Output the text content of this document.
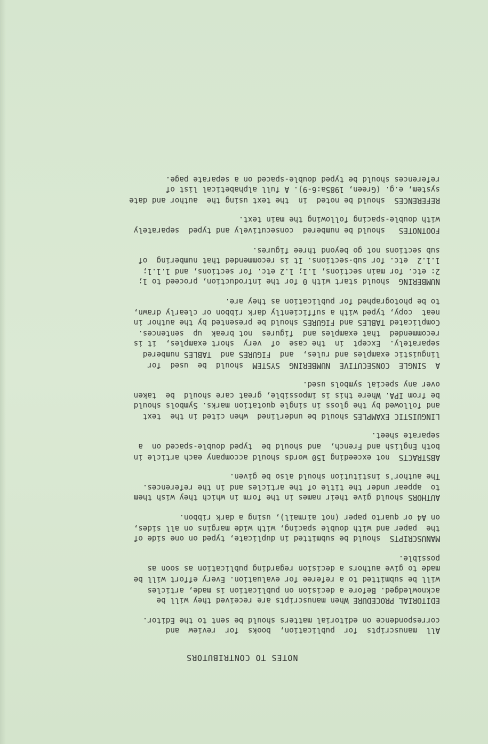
NOTES TO CONTRIBUTORS
All  manuscripts  for  publication,  books  for  review  and
correspondence on editorial matters should be sent to the Editor.
EDITORIAL PROCEDURE When manuscripts are received they will be
acknowledged. Before a decision on publication is made, articles
will be submitted to a referee for evaluation. Every effort will be
made to give authors a decision regarding publication as soon as
possible.
MANUSCRIPTS  should be submitted in duplicate, typed on one side of
the  paper and with double spacing, with wide margins on all sides,
on A4 or quarto paper (not airmail), using a dark ribbon.
AUTHORS should give their names in the form in which they wish them
to  appear under the title of the articles and in the references.
The author's institution should also be given.
ABSTRACTS  not exceeding 150 words should accompany each article in
both English and French,  and should be  typed double-spaced on  a
separate sheet.
LINGUISTIC EXAMPLES should be underlined  when cited in the  text
and followed by the gloss in single quotation marks. Symbols should
be from IPA. Where this is impossible, great care should  be  taken
over any special symbols used.
A  SINGLE  CONSECUTIVE  NUMBERING  SYSTEM  should  be  used  for
linguistic examples and rules,  and  FIGURES and  TABLES numbered
separately.  Except  in  the case  of  very  short examples,  it is
recommended  that examples and  figures  not break  up  sentences.
Complicated TABLES and FIGURES should be presented by the author in
neat  copy, typed with a sufficiently dark ribbon or clearly drawn,
to be photographed for publication as they are.
NUMBERING  should start with 0 for the introduction, proceed to 1;
2: etc. for main sections, 1.1; 1.2 etc. for sections, and 1.1.1;
1.1.2  etc. for sub-sections. It is recommended that numbering  of
sub sections not go beyond three figures.
FOOTNOTES   should be numbered  consecutively and typed  separately
with double-spacing following the main text.
REFERENCES  should be noted  in  the text using the  author and date
system, e.g. (Green, 1985a:6-9). A full alphabetical list of
references should be typed double-spaced on a separate page.
